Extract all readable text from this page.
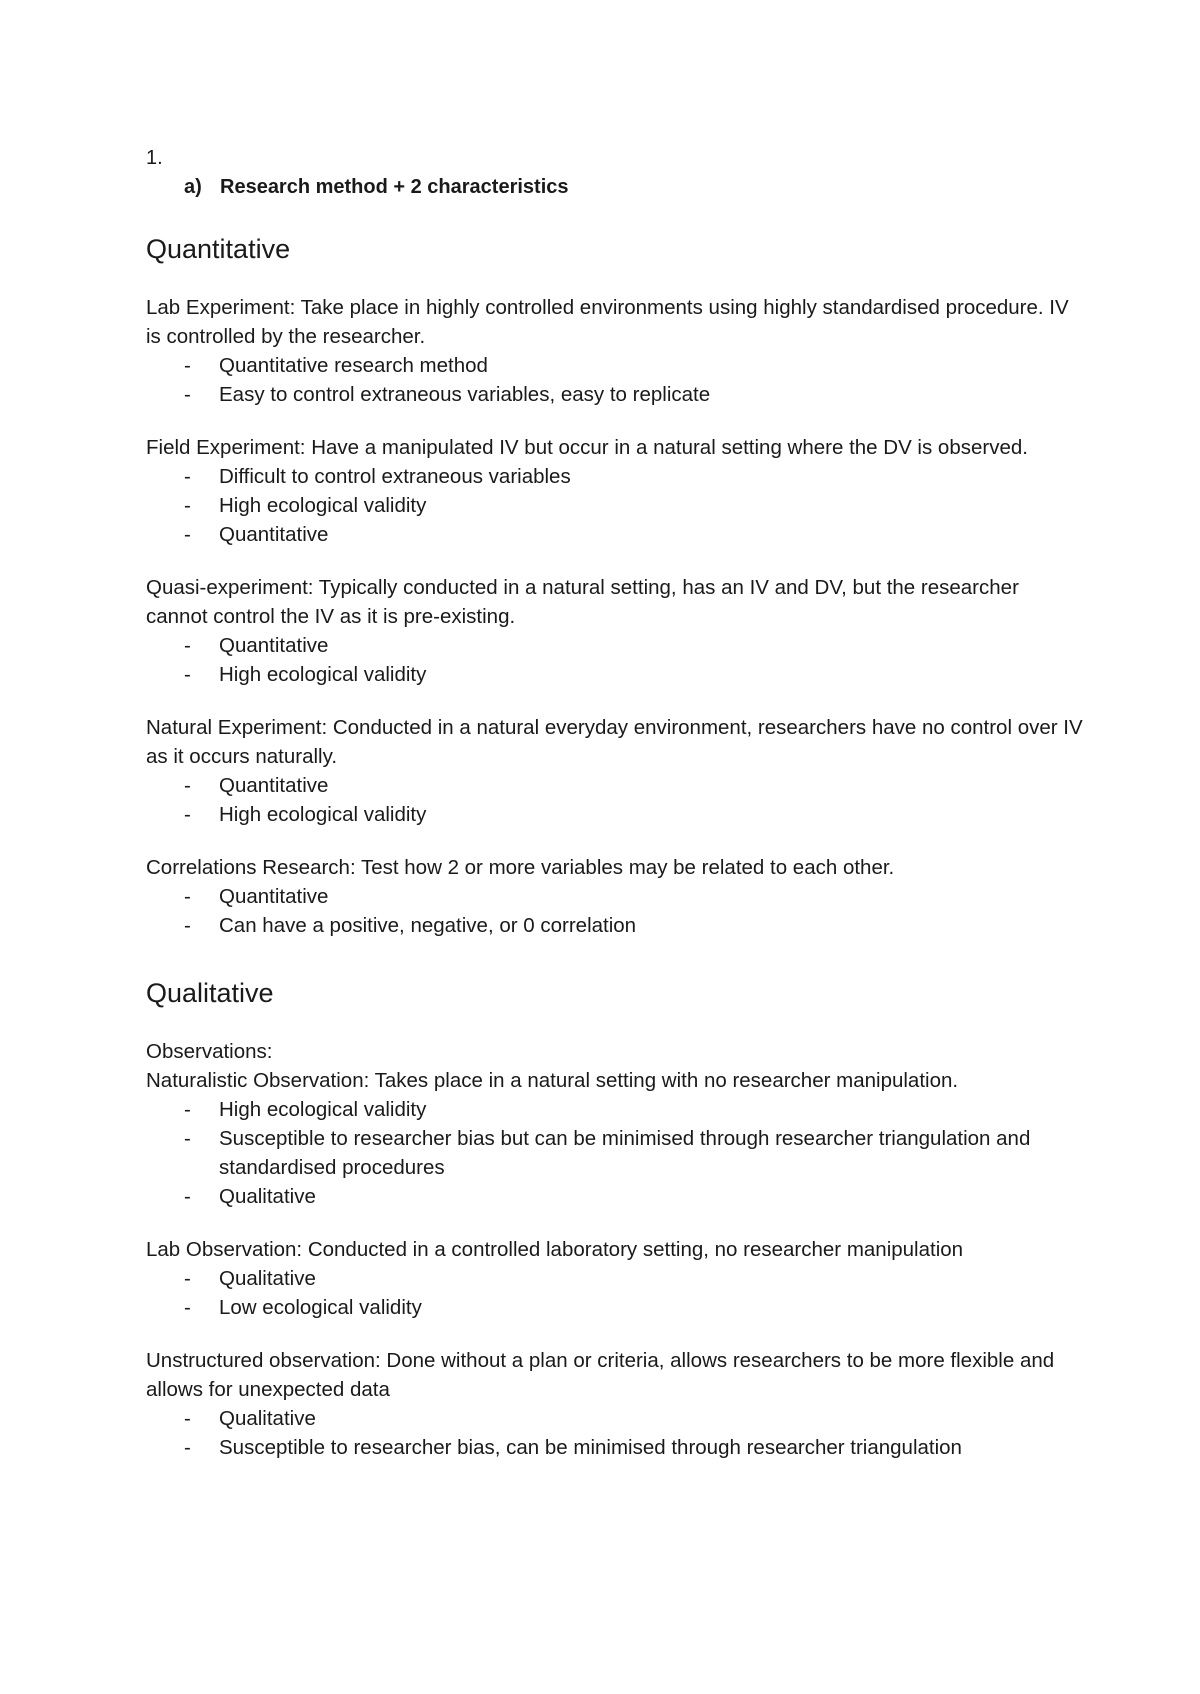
1.

a) Research method + 2 characteristics
Quantitative

Lab Experiment: Take place in highly controlled environments using highly standardised procedure. IV is controlled by the researcher.

- Quantitative research method
- Easy to control extraneous variables, easy to replicate

Field Experiment: Have a manipulated IV but occur in a natural setting where the DV is observed.

- Difficult to control extraneous variables
- High ecological validity
- Quantitative

Quasi-experiment: Typically conducted in a natural setting, has an IV and DV, but the researcher cannot control the IV as it is pre-existing.

- Quantitative
- High ecological validity

Natural Experiment: Conducted in a natural everyday environment, researchers have no control over IV as it occurs naturally.

- Quantitative
- High ecological validity

Correlations Research: Test how 2 or more variables may be related to each other.

- Quantitative
- Can have a positive, negative, or 0 correlation
Qualitative

Observations:

Naturalistic Observation: Takes place in a natural setting with no researcher manipulation.

- High ecological validity
- Susceptible to researcher bias but can be minimised through researcher triangulation and standardised procedures
- Qualitative

Lab Observation: Conducted in a controlled laboratory setting, no researcher manipulation

- Qualitative
- Low ecological validity

Unstructured observation: Done without a plan or criteria, allows researchers to be more flexible and allows for unexpected data

- Qualitative
- Susceptible to researcher bias, can be minimised through researcher triangulation
